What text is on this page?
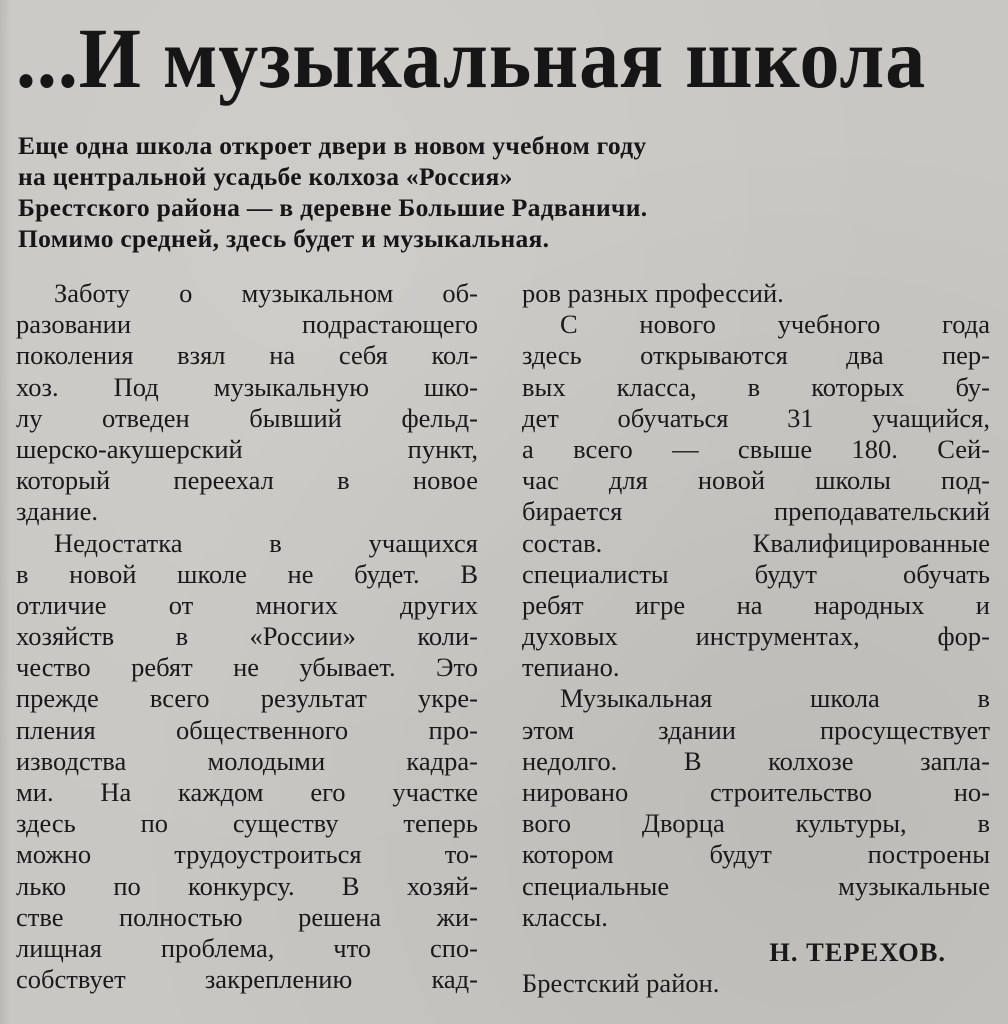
...И музыкальная школа
Еще одна школа откроет двери в новом учебном году
на центральной усадьбе колхоза «Россия»
Брестского района — в деревне Большие Радваничи.
Помимо средней, здесь будет и музыкальная.
Заботу о музыкальном об-
разовании подрастающего
поколения взял на себя кол-
хоз. Под музыкальную шко-
лу отведен бывший фельд-
шерско-акушерский пункт,
который переехал в новое
здание.
Недостатка в учащихся
в новой школе не будет. В
отличие от многих других
хозяйств в «России» коли-
чество ребят не убывает. Это
прежде всего результат укре-
пления общественного про-
изводства молодыми кадра-
ми. На каждом его участке
здесь по существу теперь
можно трудоустроиться то-
лько по конкурсу. В хозяй-
стве полностью решена жи-
лищная проблема, что спо-
собствует закреплению кад-
ров разных профессий.
С нового учебного года
здесь открываются два пер-
вых класса, в которых бу-
дет обучаться 31 учащийся,
а всего — свыше 180. Сей-
час для новой школы под-
бирается преподавательский
состав. Квалифицированные
специалисты будут обучать
ребят игре на народных и
духовых инструментах, фор-
тепиано.
Музыкальная школа в
этом здании просуществует
недолго. В колхозе запла-
нировано строительство но-
вого Дворца культуры, в
котором будут построены
специальные музыкальные
классы.
Н. ТЕРЕХОВ.
Брестский район.
